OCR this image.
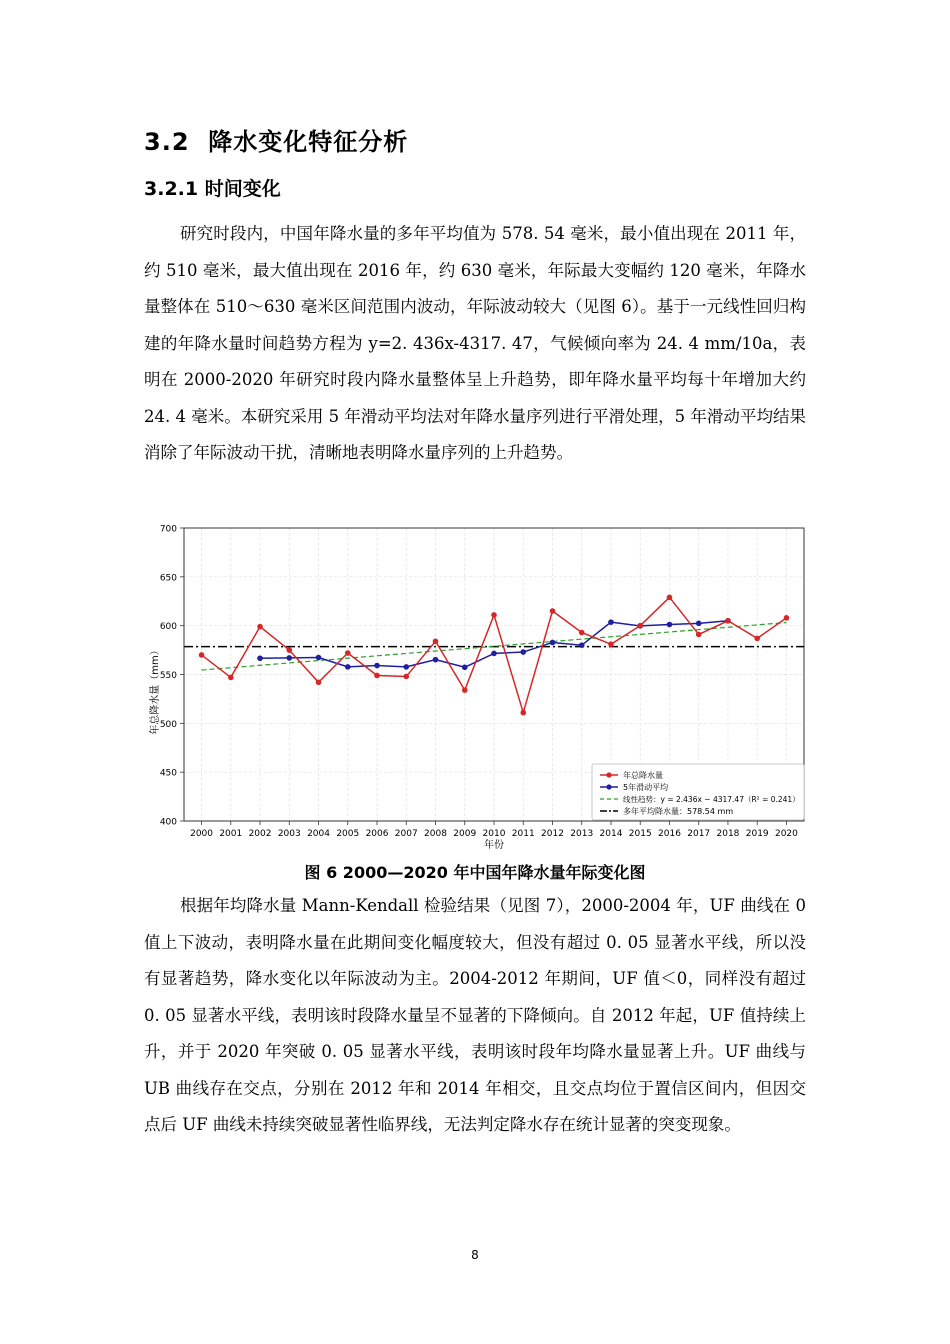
3.2 降水变化特征分析
3.2.1 时间变化

研究时段内，中国年降水量的多年平均值为 578. 54 毫米，最小值出现在 2011 年，约 510 毫米，最大值出现在 2016 年，约 630 毫米，年际最大变幅约 120 毫米，年降水量整体在 510～630 毫米区间范围内波动，年际波动较大（见图 6）。基于一元线性回归构建的年降水量时间趋势方程为 y=2. 436x-4317. 47，气候倾向率为 24. 4 mm/10a，表明在 2000-2020 年研究时段内降水量整体呈上升趋势，即年降水量平均每十年增加大约 24. 4 毫米。本研究采用 5 年滑动平均法对年降水量序列进行平滑处理，5 年滑动平均结果消除了年际波动干扰，清晰地表明降水量序列的上升趋势。

400
450
500
550
600
650
700
2000 2001 2002 2003 2004 2005 2006 2007 2008 2009 2010 2011 2012 2013 2014 2015 2016 2017 2018 2019 2020
年总降水量（mm）
年份
年总降水量
5年滑动平均
线性趋势：y = 2.436x − 4317.47（R² = 0.241）
多年平均降水量：578.54 mm
图 6 2000—2020 年中国年降水量年际变化图

根据年均降水量 Mann-Kendall 检验结果（见图 7），2000-2004 年，UF 曲线在 0 值上下波动，表明降水量在此期间变化幅度较大，但没有超过 0. 05 显著水平线，所以没有显著趋势，降水变化以年际波动为主。2004-2012 年期间，UF 值＜0，同样没有超过 0. 05 显著水平线，表明该时段降水量呈不显著的下降倾向。自 2012 年起，UF 值持续上升，并于 2020 年突破 0. 05 显著水平线，表明该时段年均降水量显著上升。UF 曲线与 UB 曲线存在交点，分别在 2012 年和 2014 年相交，且交点均位于置信区间内，但因交点后 UF 曲线未持续突破显著性临界线，无法判定降水存在统计显著的突变现象。

8
